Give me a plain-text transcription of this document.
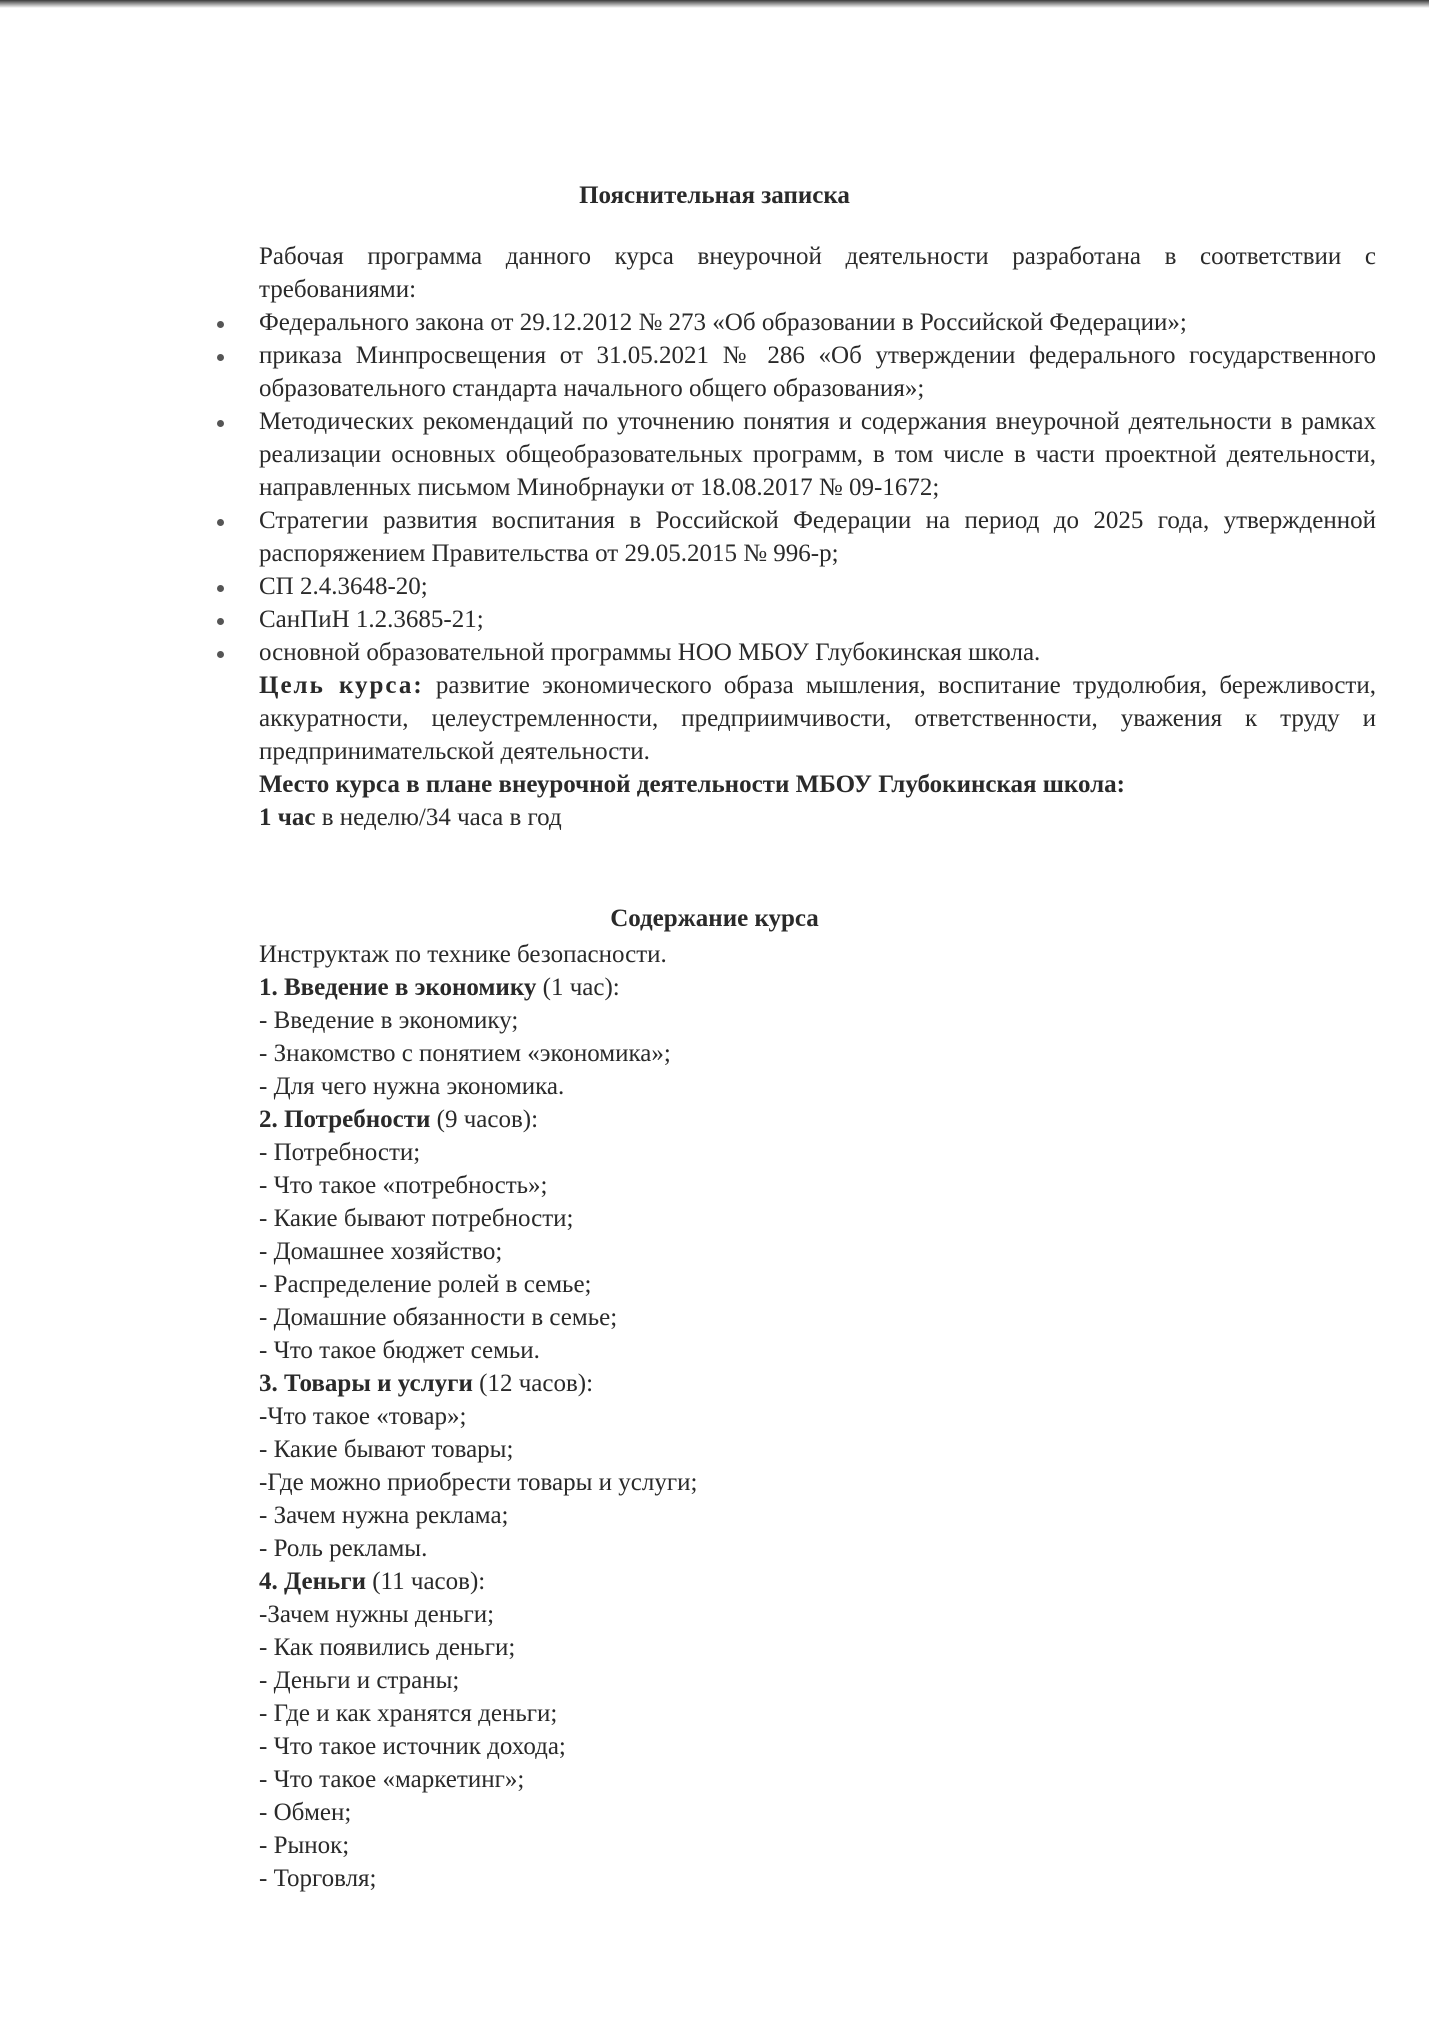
Пояснительная записка

Рабочая программа данного курса внеурочной деятельности разработана в соответствии с требованиями:

Федерального закона от 29.12.2012 № 273 «Об образовании в Российской Федерации»;
приказа Минпросвещения от 31.05.2021 № 286 «Об утверждении федерального государственного образовательного стандарта начального общего образования»;
Методических рекомендаций по уточнению понятия и содержания внеурочной деятельности в рамках реализации основных общеобразовательных программ, в том числе в части проектной деятельности, направленных письмом Минобрнауки от 18.08.2017 № 09-1672;
Стратегии развития воспитания в Российской Федерации на период до 2025 года, утвержденной распоряжением Правительства от 29.05.2015 № 996-р;
СП 2.4.3648-20;
СанПиН 1.2.3685-21;
основной образовательной программы НОО МБОУ Глубокинская школа.

Цель курса: развитие экономического образа мышления, воспитание трудолюбия, бережливости, аккуратности, целеустремленности, предприимчивости, ответственности, уважения к труду и предпринимательской деятельности.

Место курса в плане внеурочной деятельности МБОУ Глубокинская школа:

1 час в неделю/34 часа в год

Содержание курса
Инструктаж по технике безопасности.
1. Введение в экономику (1 час):
- Введение в экономику;
- Знакомство с понятием «экономика»;
- Для чего нужна экономика.
2. Потребности (9 часов):
- Потребности;
- Что такое «потребность»;
- Какие бывают потребности;
- Домашнее хозяйство;
- Распределение ролей в семье;
- Домашние обязанности в семье;
- Что такое бюджет семьи.
3. Товары и услуги (12 часов):
-Что такое «товар»;
- Какие бывают товары;
-Где можно приобрести товары и услуги;
- Зачем нужна реклама;
- Роль рекламы.
4. Деньги (11 часов):
-Зачем нужны деньги;
- Как появились деньги;
- Деньги и страны;
- Где и как хранятся деньги;
- Что такое источник дохода;
- Что такое «маркетинг»;
- Обмен;
- Рынок;
- Торговля;
